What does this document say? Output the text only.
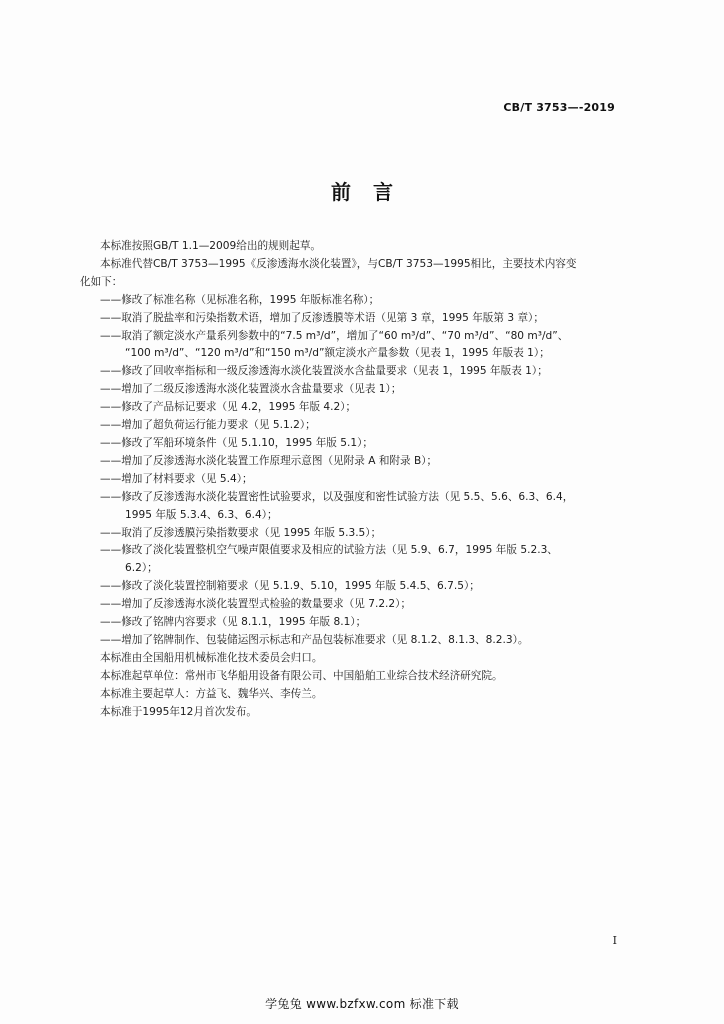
CB/T 3753—-2019
前言

本标准按照GB/T 1.1—2009给出的规则起草。

本标准代替CB/T 3753—1995《反渗透海水淡化装置》，与CB/T 3753—1995相比，主要技术内容变

化如下：

——修改了标准名称（见标准名称，1995 年版标准名称）；

——取消了脱盐率和污染指数术语，增加了反渗透膜等术语（见第 3 章，1995 年版第 3 章）；

——取消了额定淡水产量系列参数中的“7.5 m³/d”，增加了“60 m³/d”、“70 m³/d”、“80 m³/d”、

“100 m³/d”、“120 m³/d”和“150 m³/d”额定淡水产量参数（见表 1，1995 年版表 1）；

——修改了回收率指标和一级反渗透海水淡化装置淡水含盐量要求（见表 1，1995 年版表 1）；

——增加了二级反渗透海水淡化装置淡水含盐量要求（见表 1）；

——修改了产品标记要求（见 4.2，1995 年版 4.2）；

——增加了超负荷运行能力要求（见 5.1.2）；

——修改了军船环境条件（见 5.1.10，1995 年版 5.1）；

——增加了反渗透海水淡化装置工作原理示意图（见附录 A 和附录 B）；

——增加了材料要求（见 5.4）；

——修改了反渗透海水淡化装置密性试验要求，以及强度和密性试验方法（见 5.5、5.6、6.3、6.4，

1995 年版 5.3.4、6.3、6.4）；

——取消了反渗透膜污染指数要求（见 1995 年版 5.3.5）；

——修改了淡化装置整机空气噪声限值要求及相应的试验方法（见 5.9、6.7，1995 年版 5.2.3、

6.2）；

——修改了淡化装置控制箱要求（见 5.1.9、5.10，1995 年版 5.4.5、6.7.5）；

——增加了反渗透海水淡化装置型式检验的数量要求（见 7.2.2）；

——修改了铭牌内容要求（见 8.1.1，1995 年版 8.1）；

——增加了铭牌制作、包装储运图示标志和产品包装标准要求（见 8.1.2、8.1.3、8.2.3）。

本标准由全国船用机械标准化技术委员会归口。

本标准起草单位：常州市飞华船用设备有限公司、中国船舶工业综合技术经济研究院。

本标准主要起草人：方益飞、魏华兴、李传兰。

本标准于1995年12月首次发布。

I
学兔兔 www.bzfxw.com 标准下载
